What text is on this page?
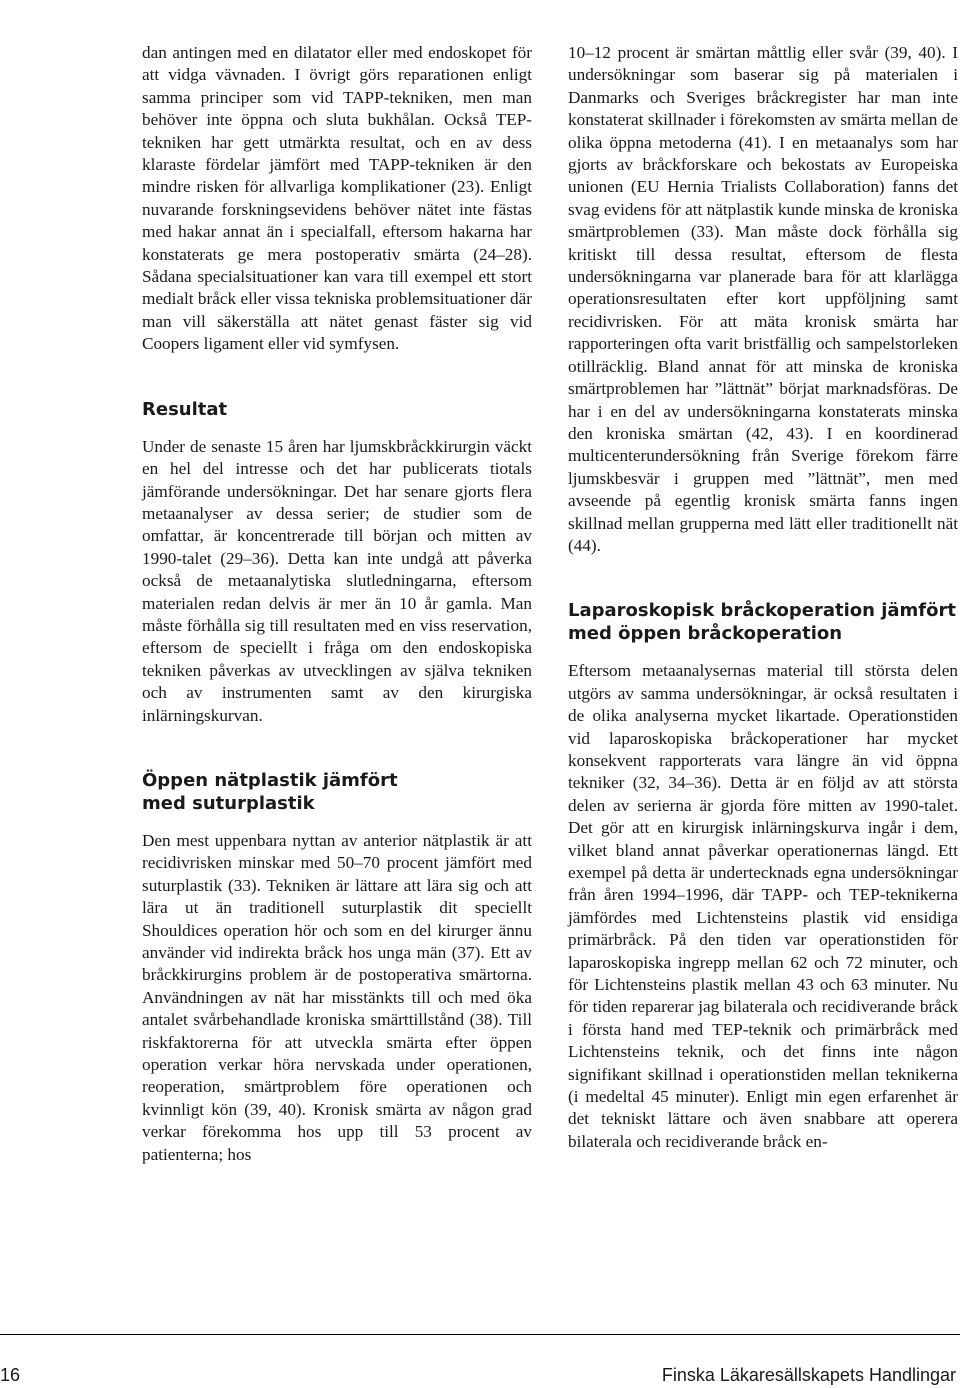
dan antingen med en dilatator eller med endoskopet för att vidga vävnaden. I övrigt görs reparationen enligt samma principer som vid TAPP-tekniken, men man behöver inte öppna och sluta bukhålan. Också TEP-tekniken har gett utmärkta resultat, och en av dess klaraste fördelar jämfört med TAPP-tekniken är den mindre risken för allvarliga komplikationer (23). Enligt nuvarande forskningsevidens behöver nätet inte fästas med hakar annat än i specialfall, eftersom hakarna har konstaterats ge mera postoperativ smärta (24–28). Sådana specialsituationer kan vara till exempel ett stort medialt bråck eller vissa tekniska problemsituationer där man vill säkerställa att nätet genast fäster sig vid Coopers ligament eller vid symfysen.

Resultat

Under de senaste 15 åren har ljumskbråckkirurgin väckt en hel del intresse och det har publicerats tiotals jämförande undersökningar. Det har senare gjorts flera metaanalyser av dessa serier; de studier som de omfattar, är koncentrerade till början och mitten av 1990-talet (29–36). Detta kan inte undgå att påverka också de metaanalytiska slutledningarna, eftersom materialen redan delvis är mer än 10 år gamla. Man måste förhålla sig till resultaten med en viss reservation, eftersom de speciellt i fråga om den endoskopiska tekniken påverkas av utvecklingen av själva tekniken och av instrumenten samt av den kirurgiska inlärningskurvan.

Öppen nätplastik jämfört
med suturplastik

Den mest uppenbara nyttan av anterior nätplastik är att recidivrisken minskar med 50–70 procent jämfört med suturplastik (33). Tekniken är lättare att lära sig och att lära ut än traditionell suturplastik dit speciellt Shouldices operation hör och som en del kirurger ännu använder vid indirekta bråck hos unga män (37). Ett av bråckkirurgins problem är de postoperativa smärtorna. Användningen av nät har misstänkts till och med öka antalet svårbehandlade kroniska smärttillstånd (38). Till riskfaktorerna för att utveckla smärta efter öppen operation verkar höra nervskada under operationen, reoperation, smärtproblem före operationen och kvinnligt kön (39, 40). Kronisk smärta av någon grad verkar förekomma hos upp till 53 procent av patienterna; hos

10–12 procent är smärtan måttlig eller svår (39, 40). I undersökningar som baserar sig på materialen i Danmarks och Sveriges bråckregister har man inte konstaterat skillnader i förekomsten av smärta mellan de olika öppna metoderna (41). I en metaanalys som har gjorts av bråckforskare och bekostats av Europeiska unionen (EU Hernia Trialists Collaboration) fanns det svag evidens för att nätplastik kunde minska de kroniska smärtproblemen (33). Man måste dock förhålla sig kritiskt till dessa resultat, eftersom de flesta undersökningarna var planerade bara för att klarlägga operationsresultaten efter kort uppföljning samt recidivrisken. För att mäta kronisk smärta har rapporteringen ofta varit bristfällig och sampelstorleken otillräcklig. Bland annat för att minska de kroniska smärtproblemen har ”lättnät” börjat marknadsföras. De har i en del av undersökningarna konstaterats minska den kroniska smärtan (42, 43). I en koordinerad multicenterundersökning från Sverige förekom färre ljumskbesvär i gruppen med ”lättnät”, men med avseende på egentlig kronisk smärta fanns ingen skillnad mellan grupperna med lätt eller traditionellt nät (44).

Laparoskopisk bråckoperation jämfört
med öppen bråckoperation

Eftersom metaanalysernas material till största delen utgörs av samma undersökningar, är också resultaten i de olika analyserna mycket likartade. Operationstiden vid laparoskopiska bråckoperationer har mycket konsekvent rapporterats vara längre än vid öppna tekniker (32, 34–36). Detta är en följd av att största delen av serierna är gjorda före mitten av 1990-talet. Det gör att en kirurgisk inlärningskurva ingår i dem, vilket bland annat påverkar operationernas längd. Ett exempel på detta är undertecknads egna undersökningar från åren 1994–1996, där TAPP- och TEP-teknikerna jämfördes med Lichtensteins plastik vid ensidiga primärbråck. På den tiden var operationstiden för laparoskopiska ingrepp mellan 62 och 72 minuter, och för Lichtensteins plastik mellan 43 och 63 minuter. Nu för tiden reparerar jag bilaterala och recidiverande bråck i första hand med TEP-teknik och primärbråck med Lichtensteins teknik, och det finns inte någon signifikant skillnad i operationstiden mellan teknikerna (i medeltal 45 minuter). Enligt min egen erfarenhet är det tekniskt lättare och även snabbare att operera bilaterala och recidiverande bråck en-

16	Finska Läkaresällskapets Handlingar
